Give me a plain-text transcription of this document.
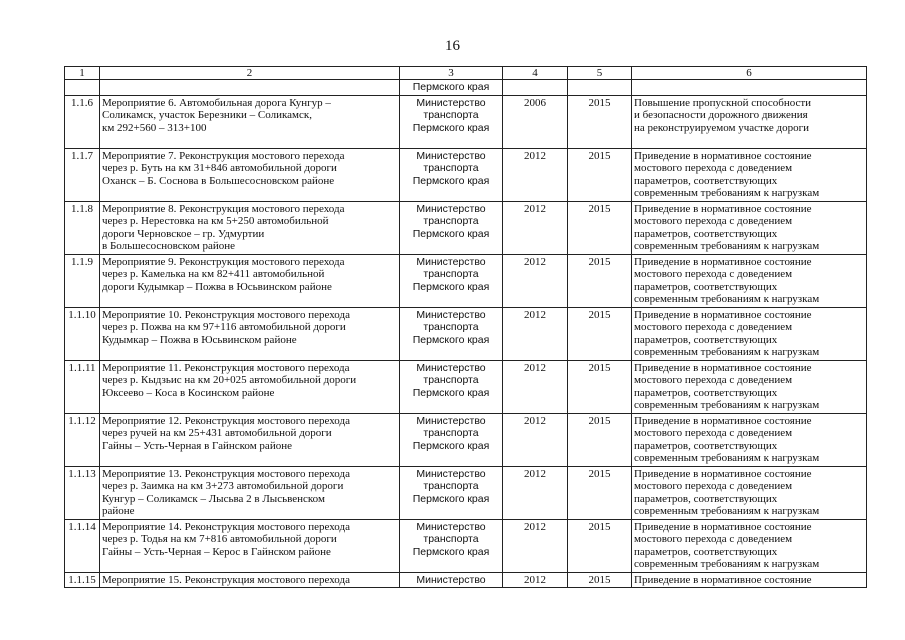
16
1	2	3	4	5	6
		Пермского края			
1.1.6	Мероприятие 6. Автомобильная дорога Кунгур –
Соликамск, участок Березники – Соликамск,
км 292+560 – 313+100	Министерство
транспорта
Пермского края	2006	2015	Повышение пропускной способности
и безопасности дорожного движения
на реконструируемом участке дороги

1.1.7	Мероприятие 7. Реконструкция мостового перехода
через р. Буть на км 31+846 автомобильной дороги
Оханск – Б. Соснова в Большесосновском районе	Министерство
транспорта
Пермского края	2012	2015	Приведение в нормативное состояние
мостового перехода с доведением
параметров, соответствующих
современным требованиям к нагрузкам

1.1.8	Мероприятие 8. Реконструкция мостового перехода
через р. Нерестовка на км 5+250 автомобильной
дороги Черновское – гр. Удмуртии
в Большесосновском районе	Министерство
транспорта
Пермского края	2012	2015	Приведение в нормативное состояние
мостового перехода с доведением
параметров, соответствующих
современным требованиям к нагрузкам

1.1.9	Мероприятие 9. Реконструкция мостового перехода
через р. Камелька на км 82+411 автомобильной
дороги Кудымкар – Пожва в Юсьвинском районе	Министерство
транспорта
Пермского края	2012	2015	Приведение в нормативное состояние
мостового перехода с доведением
параметров, соответствующих
современным требованиям к нагрузкам

1.1.10	Мероприятие 10. Реконструкция мостового перехода
через р. Пожва на км 97+116 автомобильной дороги
Кудымкар – Пожва в Юсьвинском районе	Министерство
транспорта
Пермского края	2012	2015	Приведение в нормативное состояние
мостового перехода с доведением
параметров, соответствующих
современным требованиям к нагрузкам

1.1.11	Мероприятие 11. Реконструкция мостового перехода
через р. Кыдзьис на км 20+025 автомобильной дороги
Юксеево – Коса в Косинском районе	Министерство
транспорта
Пермского края	2012	2015	Приведение в нормативное состояние
мостового перехода с доведением
параметров, соответствующих
современным требованиям к нагрузкам

1.1.12	Мероприятие 12. Реконструкция мостового перехода
через ручей на км 25+431 автомобильной дороги
Гайны – Усть-Черная в Гайнском районе	Министерство
транспорта
Пермского края	2012	2015	Приведение в нормативное состояние
мостового перехода с доведением
параметров, соответствующих
современным требованиям к нагрузкам

1.1.13	Мероприятие 13. Реконструкция мостового перехода
через р. Заимка на км 3+273 автомобильной дороги
Кунгур – Соликамск – Лысьва 2 в Лысьвенском
районе	Министерство
транспорта
Пермского края	2012	2015	Приведение в нормативное состояние
мостового перехода с доведением
параметров, соответствующих
современным требованиям к нагрузкам

1.1.14	Мероприятие 14. Реконструкция мостового перехода
через р. Тодья на км 7+816 автомобильной дороги
Гайны – Усть-Черная – Керос в Гайнском районе	Министерство
транспорта
Пермского края	2012	2015	Приведение в нормативное состояние
мостового перехода с доведением
параметров, соответствующих
современным требованиям к нагрузкам

1.1.15	Мероприятие 15. Реконструкция мостового перехода	Министерство	2012	2015	Приведение в нормативное состояние
